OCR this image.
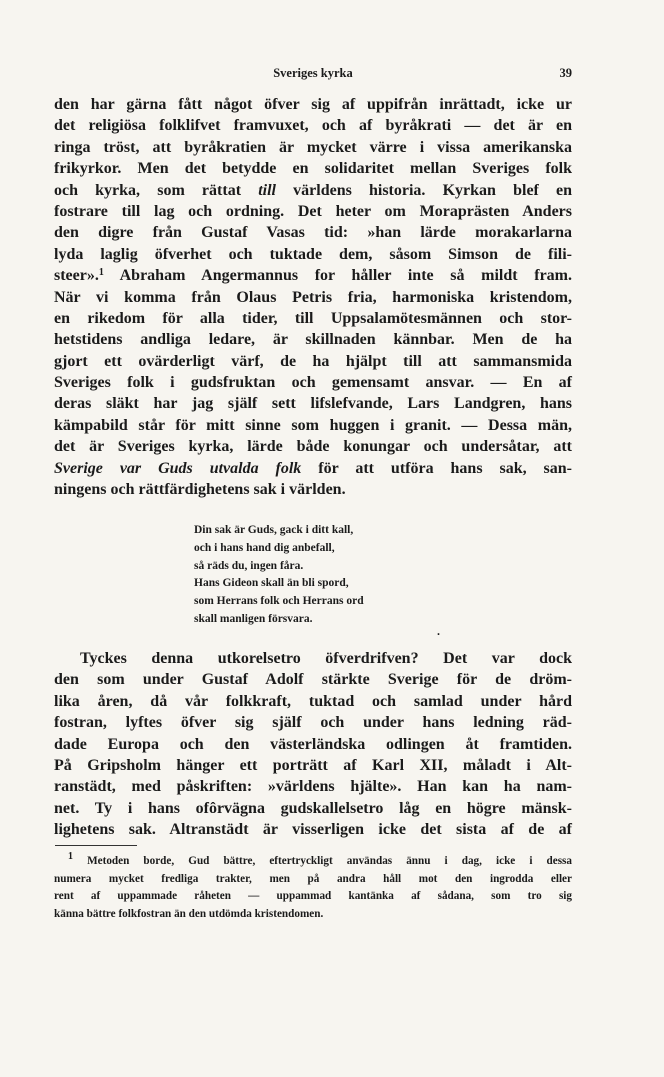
Sveriges kyrka	39
den har gärna fått något öfver sig af uppifrån inrättadt, icke ur
det religiösa folklifvet framvuxet, och af byråkrati — det är en
ringa tröst, att byråkratien är mycket värre i vissa amerikanska
frikyrkor. Men det betydde en solidaritet mellan Sveriges folk
och kyrka, som rättat till världens historia. Kyrkan blef en
fostrare till lag och ordning. Det heter om Moraprästen Anders
den digre från Gustaf Vasas tid: »han lärde morakarlarna
lyda laglig öfverhet och tuktade dem, såsom Simson de fili-
steer».$^1$ Abraham Angermannus for håller inte så mildt fram.
När vi komma från Olaus Petris fria, harmoniska kristendom,
en rikedom för alla tider, till Uppsalamötesmännen och stor-
hetstidens andliga ledare, är skillnaden kännbar. Men de ha
gjort ett ovärderligt värf, de ha hjälpt till att sammansmida
Sveriges folk i gudsfruktan och gemensamt ansvar. — En af
deras släkt har jag själf sett lifslefvande, Lars Landgren, hans
kämpabild står för mitt sinne som huggen i granit. — Dessa män,
det är Sveriges kyrka, lärde både konungar och undersåtar, att
Sverige var Guds utvalda folk för att utföra hans sak, san-
ningens och rättfärdighetens sak i världen.
Din sak är Guds, gack i ditt kall,
och i hans hand dig anbefall,
så räds du, ingen fåra.
Hans Gideon skall än bli spord,
som Herrans folk och Herrans ord
skall manligen försvara.
.
Tyckes denna utkorelsetro öfverdrifven? Det var dock
den som under Gustaf Adolf stärkte Sverige för de dröm-
lika åren, då vår folkkraft, tuktad och samlad under hård
fostran, lyftes öfver sig själf och under hans ledning räd-
dade Europa och den västerländska odlingen åt framtiden.
På Gripsholm hänger ett porträtt af Karl XII, måladt i Alt-
ranstädt, med påskriften: »världens hjälte». Han kan ha nam-
net. Ty i hans ofôrvägna gudskallelsetro låg en högre mänsk-
lighetens sak. Altranstädt är visserligen icke det sista af de af
$^1$ Metoden borde, Gud bättre, eftertryckligt användas ännu i dag, icke i dessa
numera mycket fredliga trakter, men på andra håll mot den ingrodda eller
rent af uppammade råheten — uppammad kantänka af sådana, som tro sig
känna bättre folkfostran än den utdömda kristendomen.
